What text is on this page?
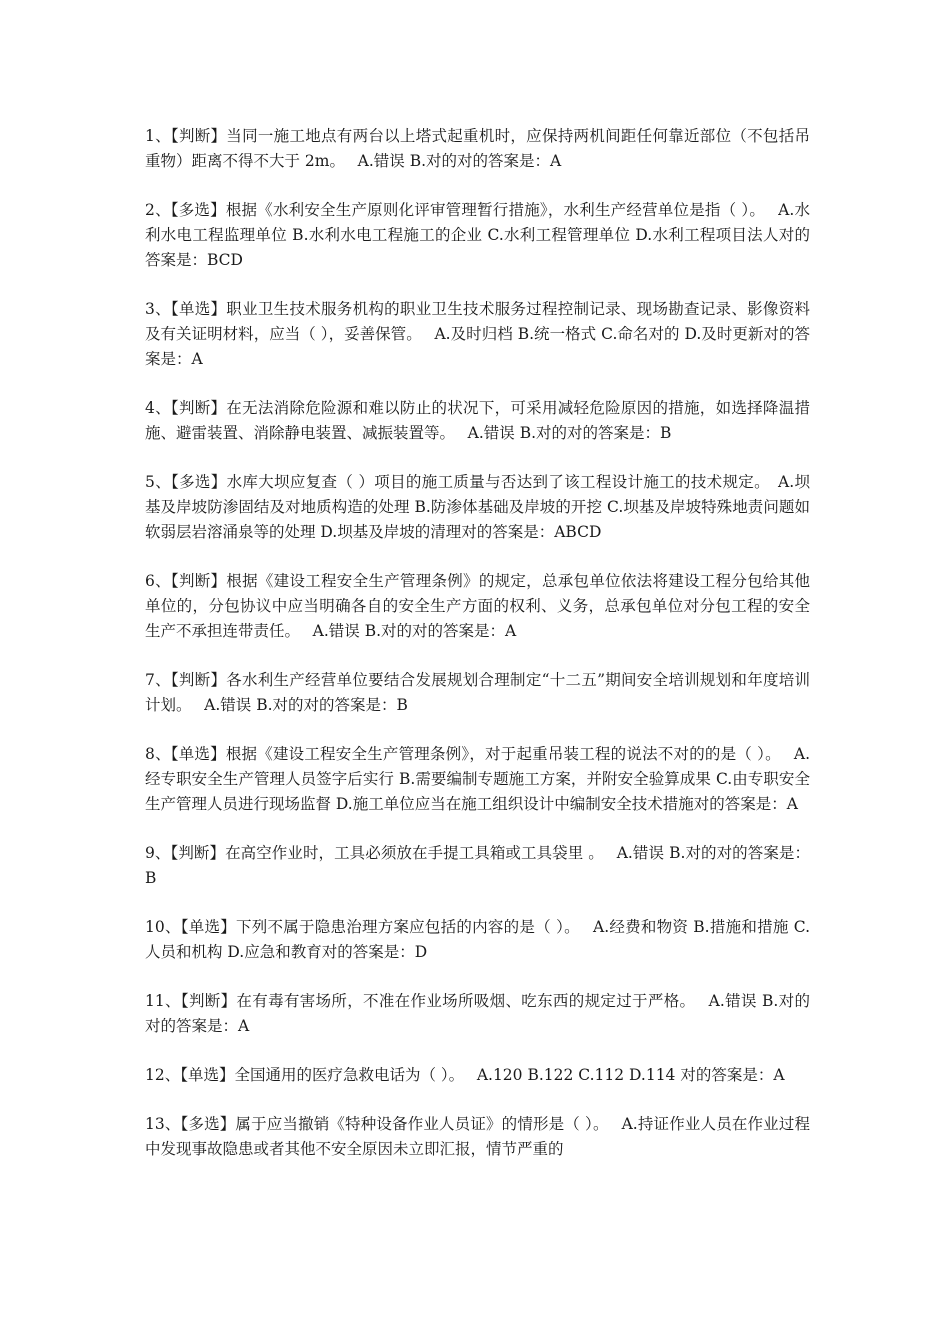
1、【判断】当同一施工地点有两台以上塔式起重机时，应保持两机间距任何靠近部位（不包括吊重物）距离不得不大于 2m。　 A.错误 B.对的对的答案是：A

2、【多选】根据《水利安全生产原则化评审管理暂行措施》，水利生产经营单位是指（ ）。　 A.水利水电工程监理单位 B.水利水电工程施工的企业 C.水利工程管理单位 D.水利工程项目法人对的答案是：BCD

3、【单选】职业卫生技术服务机构的职业卫生技术服务过程控制记录、现场勘查记录、影像资料及有关证明材料，应当（ ），妥善保管。　 A.及时归档 B.统一格式 C.命名对的 D.及时更新对的答案是：A

4、【判断】在无法消除危险源和难以防止的状况下，可采用减轻危险原因的措施，如选择降温措施、避雷装置、消除静电装置、减振装置等。　 A.错误 B.对的对的答案是：B

5、【多选】水库大坝应复查（ ）项目的施工质量与否达到了该工程设计施工的技术规定。　A.坝基及岸坡防渗固结及对地质构造的处理 B.防渗体基础及岸坡的开挖 C.坝基及岸坡特殊地责问题如软弱层岩溶涌泉等的处理 D.坝基及岸坡的清理对的答案是：ABCD

6、【判断】根据《建设工程安全生产管理条例》的规定，总承包单位依法将建设工程分包给其他单位的，分包协议中应当明确各自的安全生产方面的权利、义务，总承包单位对分包工程的安全生产不承担连带责任。　 A.错误 B.对的对的答案是：A

7、【判断】各水利生产经营单位要结合发展规划合理制定“十二五”期间安全培训规划和年度培训计划。　 A.错误 B.对的对的答案是：B

8、【单选】根据《建设工程安全生产管理条例》，对于起重吊装工程的说法不对的的是（ ）。　 A.经专职安全生产管理人员签字后实行 B.需要编制专题施工方案，并附安全验算成果 C.由专职安全生产管理人员进行现场监督 D.施工单位应当在施工组织设计中编制安全技术措施对的答案是：A

9、【判断】在高空作业时，工具必须放在手提工具箱或工具袋里 。　 A.错误 B.对的对的答案是：B

10、【单选】下列不属于隐患治理方案应包括的内容的是（ ）。　 A.经费和物资 B.措施和措施 C.人员和机构 D.应急和教育对的答案是：D

11、【判断】在有毒有害场所，不准在作业场所吸烟、吃东西的规定过于严格。　 A.错误 B.对的对的答案是：A

12、【单选】全国通用的医疗急救电话为（ ）。　 A.120 B.122 C.112 D.114 对的答案是：A

13、【多选】属于应当撤销《特种设备作业人员证》的情形是（ ）。　 A.持证作业人员在作业过程中发现事故隐患或者其他不安全原因未立即汇报，情节严重的
